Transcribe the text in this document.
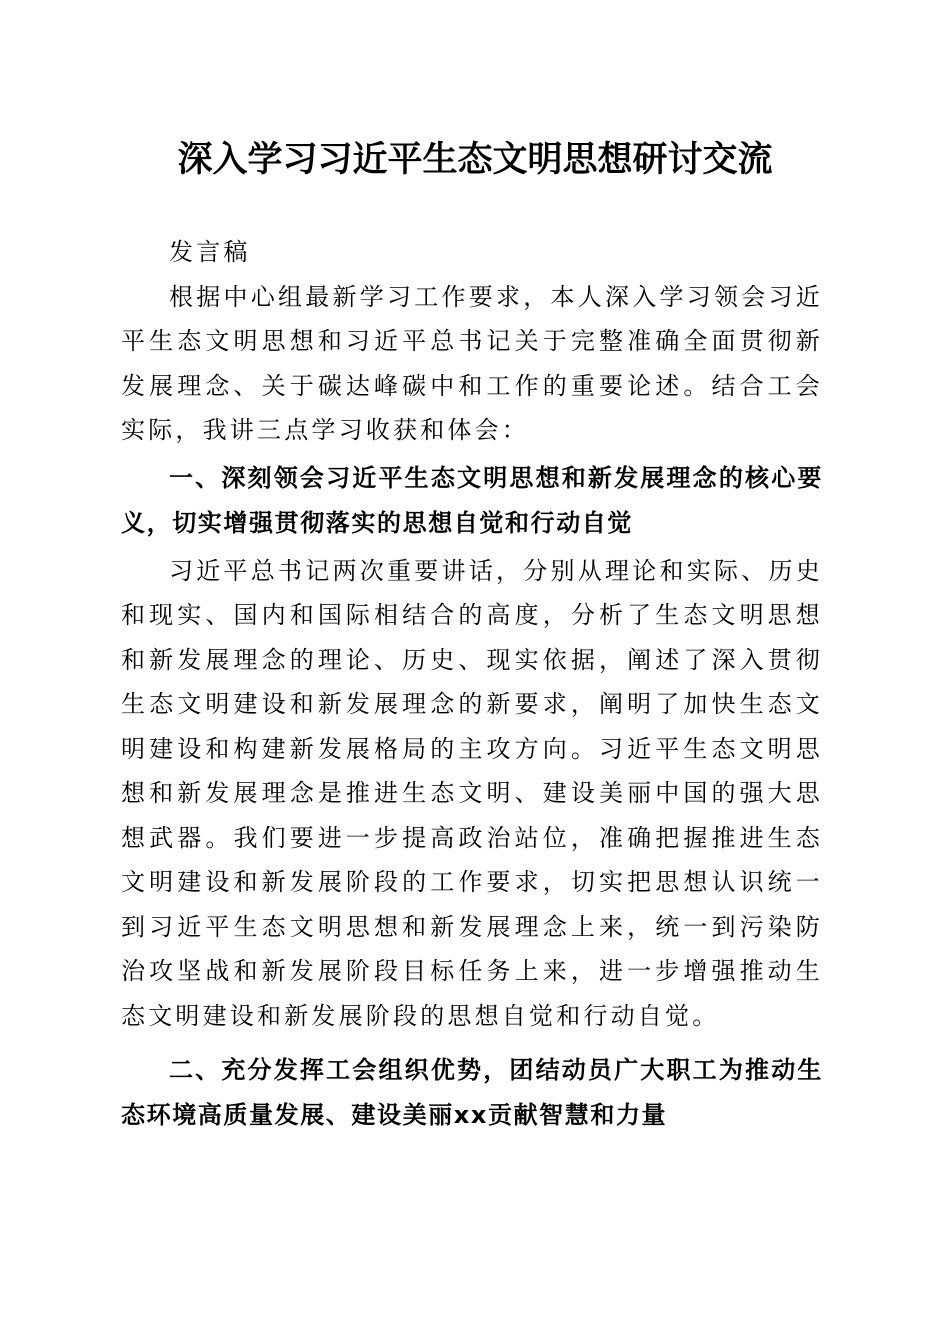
深入学习习近平生态文明思想研讨交流

发言稿

根据中心组最新学习工作要求，本人深入学习领会习近平生态文明思想和习近平总书记关于完整准确全面贯彻新发展理念、关于碳达峰碳中和工作的重要论述。结合工会实际，我讲三点学习收获和体会：

一、深刻领会习近平生态文明思想和新发展理念的核心要义，切实增强贯彻落实的思想自觉和行动自觉

习近平总书记两次重要讲话，分别从理论和实际、历史和现实、国内和国际相结合的高度，分析了生态文明思想和新发展理念的理论、历史、现实依据，阐述了深入贯彻生态文明建设和新发展理念的新要求，阐明了加快生态文明建设和构建新发展格局的主攻方向。习近平生态文明思想和新发展理念是推进生态文明、建设美丽中国的强大思想武器。我们要进一步提高政治站位，准确把握推进生态文明建设和新发展阶段的工作要求，切实把思想认识统一到习近平生态文明思想和新发展理念上来，统一到污染防治攻坚战和新发展阶段目标任务上来，进一步增强推动生态文明建设和新发展阶段的思想自觉和行动自觉。

二、充分发挥工会组织优势，团结动员广大职工为推动生态环境高质量发展、建设美丽xx贡献智慧和力量
